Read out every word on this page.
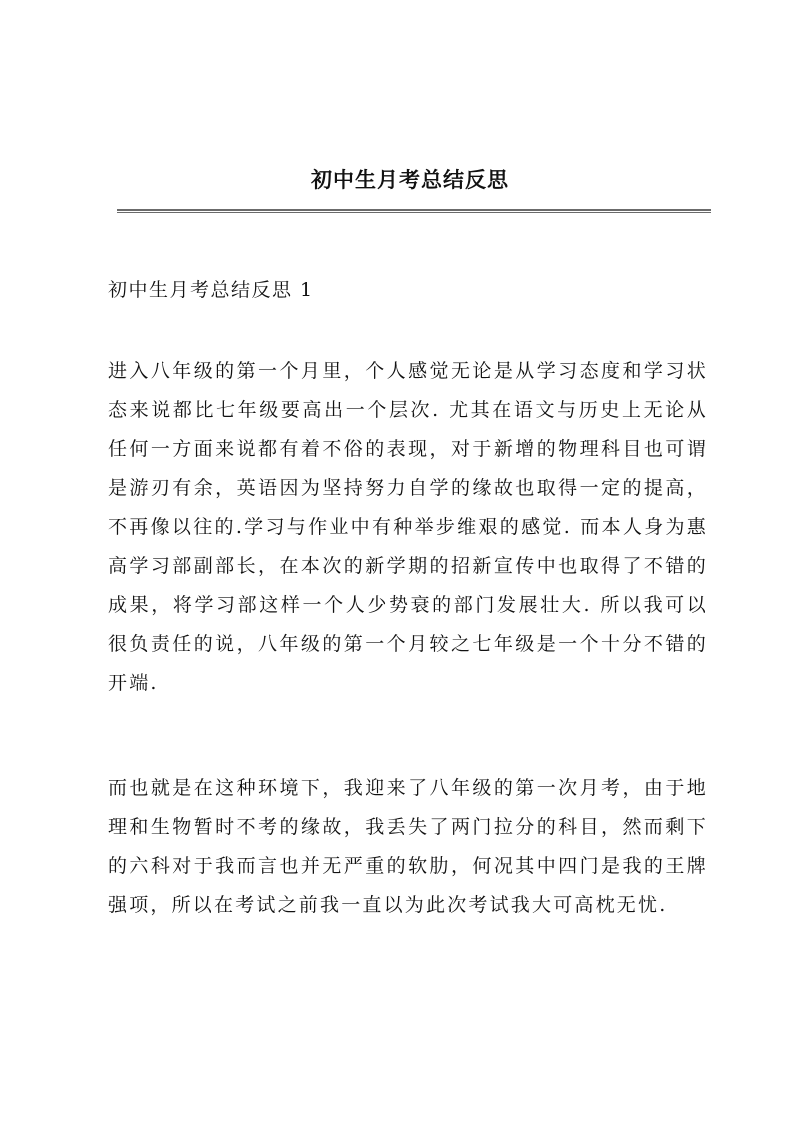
初中生月考总结反思
初中生月考总结反思 1

进入八年级的第一个月里，个人感觉无论是从学习态度和学习状态来说都比七年级要高出一个层次. 尤其在语文与历史上无论从任何一方面来说都有着不俗的表现，对于新增的物理科目也可谓是游刃有余，英语因为坚持努力自学的缘故也取得一定的提高，不再像以往的.学习与作业中有种举步维艰的感觉. 而本人身为惠高学习部副部长，在本次的新学期的招新宣传中也取得了不错的成果，将学习部这样一个人少势衰的部门发展壮大. 所以我可以很负责任的说，八年级的第一个月较之七年级是一个十分不错的开端.

而也就是在这种环境下，我迎来了八年级的第一次月考，由于地理和生物暂时不考的缘故，我丢失了两门拉分的科目，然而剩下的六科对于我而言也并无严重的软肋，何况其中四门是我的王牌强项，所以在考试之前我一直以为此次考试我大可高枕无忧.
